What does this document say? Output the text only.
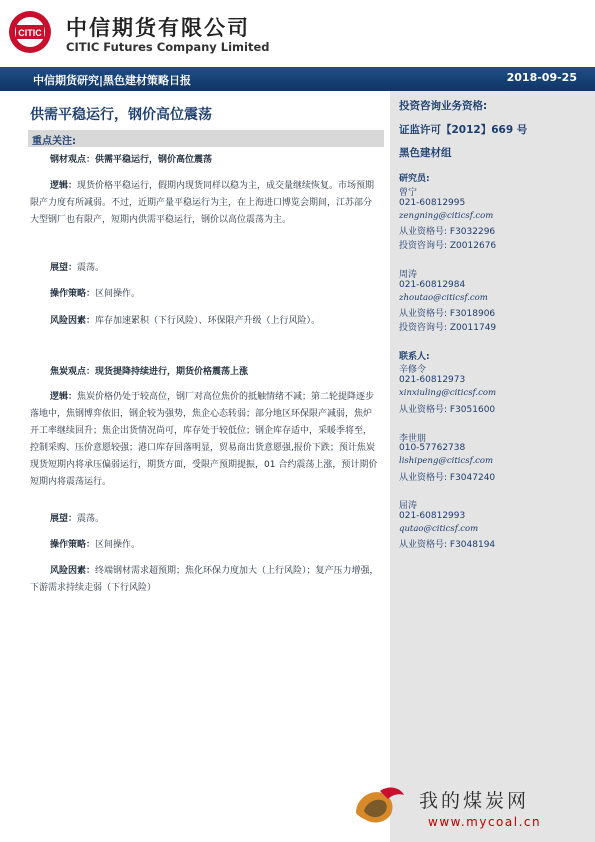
CITIC 中信期货有限公司
CITIC Futures Company Limited
中信期货研究|黑色建材策略日报	2018-09-25
投资咨询业务资格:
证监许可【2012】669 号
黑色建材组
研究员:
曾宁
021-60812995
zengning@citicsf.com
从业资格号: F3032296
投资咨询号: Z0012676
周涛
021-60812984
zhoutao@citicsf.com
从业资格号: F3018906
投资咨询号: Z0011749
联系人:
辛修令
021-60812973
xinxiuling@citicsf.com
从业资格号: F3051600
李世朋
010-57762738
lishipeng@citicsf.com
从业资格号: F3047240
屈涛
021-60812993
qutao@citicsf.com
从业资格号: F3048194
供需平稳运行，钢价高位震荡
重点关注:
钢材观点：供需平稳运行，钢价高位震荡
逻辑：现货价格平稳运行，假期内现货同样以稳为主，成交量继续恢复。市场预期限产力度有所减弱。不过，近期产量平稳运行为主，在上海进口博览会期间，江苏部分大型钢厂也有限产，短期内供需平稳运行，钢价以高位震荡为主。
展望：震荡。
操作策略：区间操作。
风险因素：库存加速累积（下行风险）、环保限产升级（上行风险）。
焦炭观点：现货提降持续进行，期货价格震荡上涨
逻辑：焦炭价格仍处于较高位，钢厂对高位焦价的抵触情绪不减；第二轮提降逐步落地中，焦钢博弈依旧，钢企较为强势，焦企心态转弱；部分地区环保限产减弱，焦炉开工率继续回升；焦企出货情况尚可，库存处于较低位；钢企库存适中，采暖季将至，控制采购、压价意愿较强；港口库存回落明显，贸易商出货意愿强,报价下跌；预计焦炭现货短期内将承压偏弱运行，期货方面，受限产预期提振，01 合约震荡上涨，预计期价短期内将震荡运行。
展望：震荡。
操作策略：区间操作。
风险因素：终端钢材需求超预期；焦化环保力度加大（上行风险）；复产压力增强，下游需求持续走弱（下行风险）
我的煤炭网
www.mycoal.cn
